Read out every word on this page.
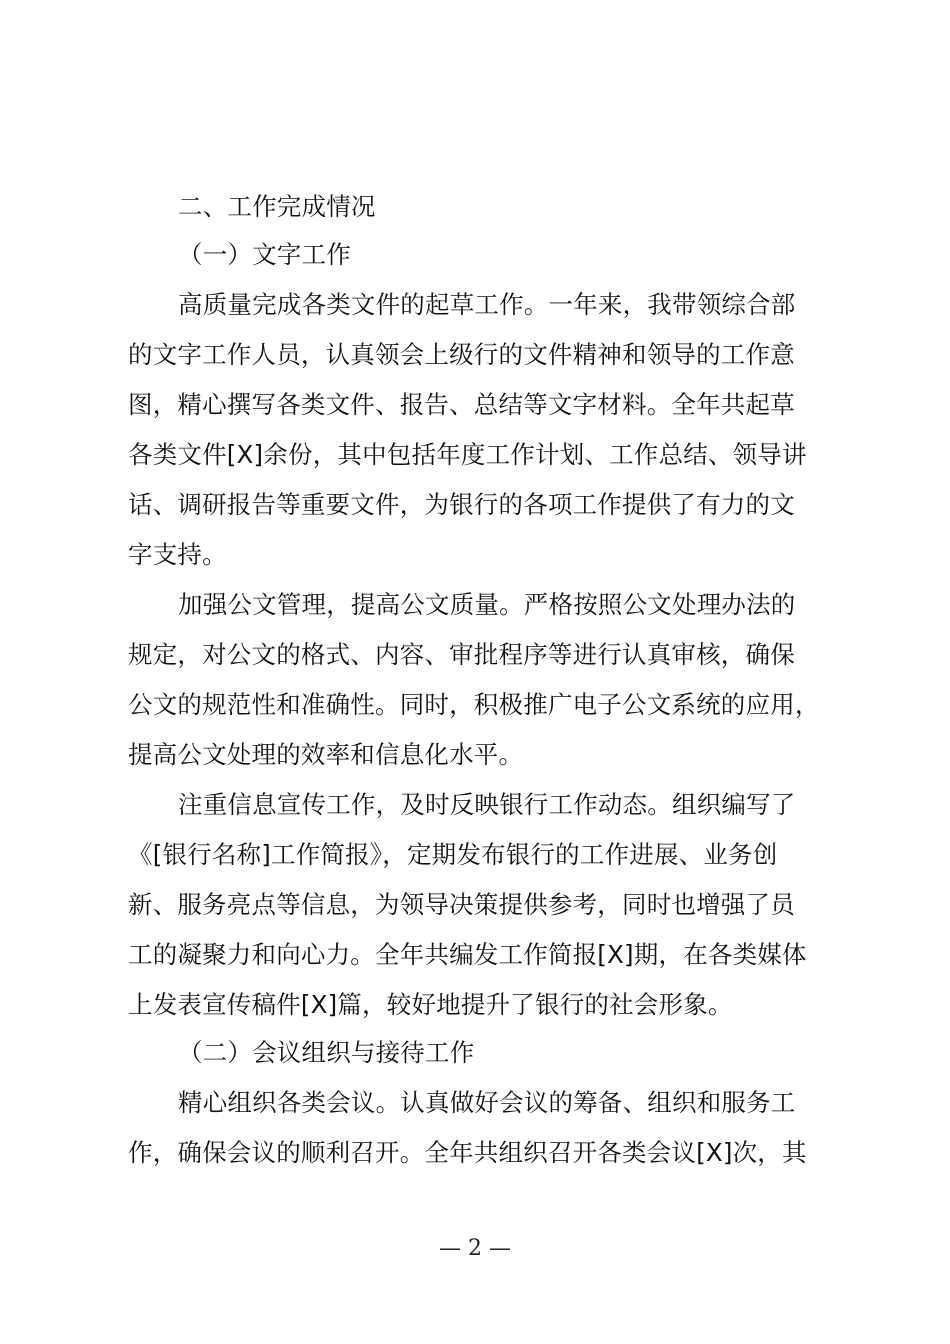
二、工作完成情况
（一）文字工作
高质量完成各类文件的起草工作。一年来，我带领综合部
的文字工作人员，认真领会上级行的文件精神和领导的工作意
图，精心撰写各类文件、报告、总结等文字材料。全年共起草
各类文件[X]余份，其中包括年度工作计划、工作总结、领导讲
话、调研报告等重要文件，为银行的各项工作提供了有力的文
字支持。
加强公文管理，提高公文质量。严格按照公文处理办法的
规定，对公文的格式、内容、审批程序等进行认真审核，确保
公文的规范性和准确性。同时，积极推广电子公文系统的应用，
提高公文处理的效率和信息化水平。
注重信息宣传工作，及时反映银行工作动态。组织编写了
《[银行名称]工作简报》，定期发布银行的工作进展、业务创
新、服务亮点等信息，为领导决策提供参考，同时也增强了员
工的凝聚力和向心力。全年共编发工作简报[X]期，在各类媒体
上发表宣传稿件[X]篇，较好地提升了银行的社会形象。
（二）会议组织与接待工作
精心组织各类会议。认真做好会议的筹备、组织和服务工
作，确保会议的顺利召开。全年共组织召开各类会议[X]次，其
— 2 —
